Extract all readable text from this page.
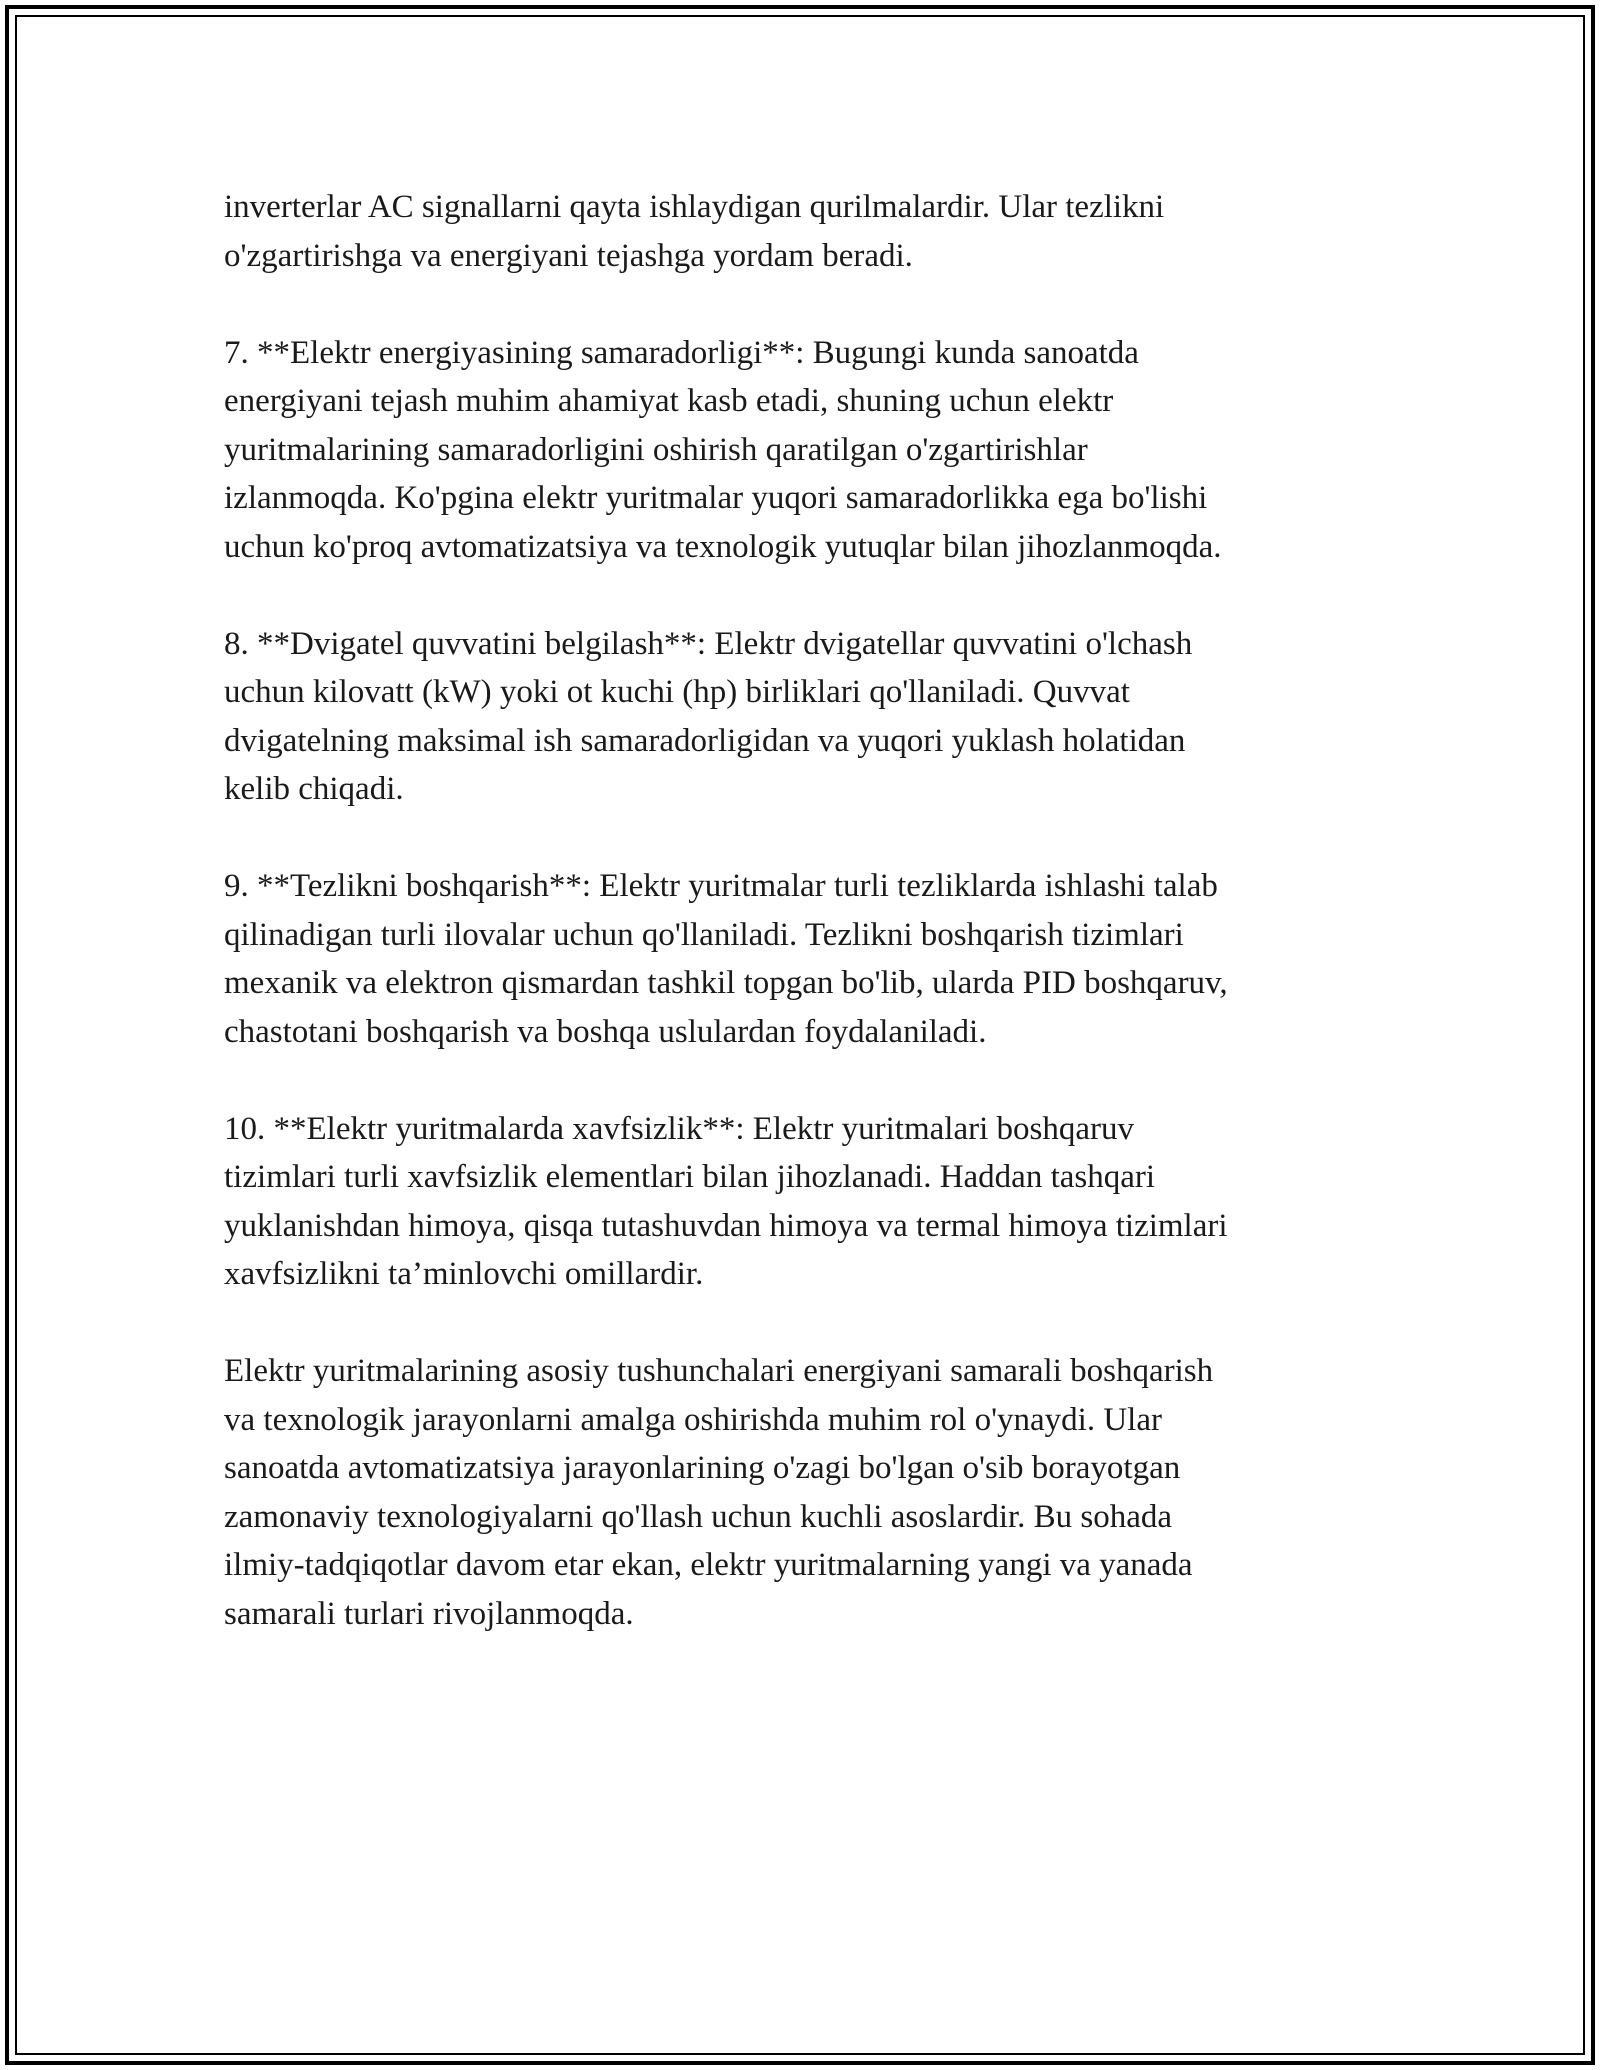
inverterlar AC signallarni qayta ishlaydigan qurilmalardir. Ular tezlikni
o'zgartirishga va energiyani tejashga yordam beradi.

7. **Elektr energiyasining samaradorligi**: Bugungi kunda sanoatda
energiyani tejash muhim ahamiyat kasb etadi, shuning uchun elektr
yuritmalarining samaradorligini oshirish qaratilgan o'zgartirishlar
izlanmoqda. Ko'pgina elektr yuritmalar yuqori samaradorlikka ega bo'lishi
uchun ko'proq avtomatizatsiya va texnologik yutuqlar bilan jihozlanmoqda.

8. **Dvigatel quvvatini belgilash**: Elektr dvigatellar quvvatini o'lchash
uchun kilovatt (kW) yoki ot kuchi (hp) birliklari qo'llaniladi. Quvvat
dvigatelning maksimal ish samaradorligidan va yuqori yuklash holatidan
kelib chiqadi.

9. **Tezlikni boshqarish**: Elektr yuritmalar turli tezliklarda ishlashi talab
qilinadigan turli ilovalar uchun qo'llaniladi. Tezlikni boshqarish tizimlari
mexanik va elektron qismardan tashkil topgan bo'lib, ularda PID boshqaruv,
chastotani boshqarish va boshqa uslulardan foydalaniladi.

10. **Elektr yuritmalarda xavfsizlik**: Elektr yuritmalari boshqaruv
tizimlari turli xavfsizlik elementlari bilan jihozlanadi. Haddan tashqari
yuklanishdan himoya, qisqa tutashuvdan himoya va termal himoya tizimlari
xavfsizlikni ta’minlovchi omillardir.

Elektr yuritmalarining asosiy tushunchalari energiyani samarali boshqarish
va texnologik jarayonlarni amalga oshirishda muhim rol o'ynaydi. Ular
sanoatda avtomatizatsiya jarayonlarining o'zagi bo'lgan o'sib borayotgan
zamonaviy texnologiyalarni qo'llash uchun kuchli asoslardir. Bu sohada
ilmiy-tadqiqotlar davom etar ekan, elektr yuritmalarning yangi va yanada
samarali turlari rivojlanmoqda.
